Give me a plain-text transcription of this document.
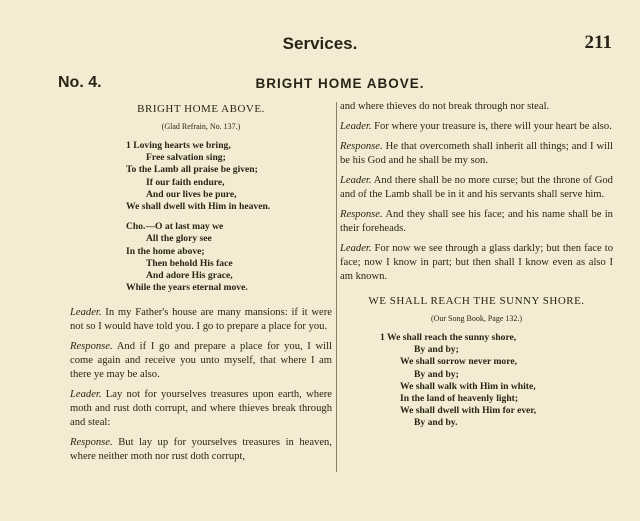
Services.	211
No. 4.	BRIGHT HOME ABOVE.
BRIGHT HOME ABOVE.
(Glad Refrain, No. 137.)
1 Loving hearts we bring,
Free salvation sing;
To the Lamb all praise be given;
If our faith endure,
And our lives be pure,
We shall dwell with Him in heaven.
Cho.—O at last may we
All the glory see
In the home above;
Then behold His face
And adore His grace,
While the years eternal move.

Leader. In my Father's house are many mansions: if it were not so I would have told you. I go to prepare a place for you.

Response. And if I go and prepare a place for you, I will come again and receive you unto myself, that where I am there ye may be also.

Leader. Lay not for yourselves treasures upon earth, where moth and rust doth corrupt, and where thieves break through and steal:

Response. But lay up for yourselves treasures in heaven, where neither moth nor rust doth corrupt,

and where thieves do not break through nor steal.

Leader. For where your treasure is, there will your heart be also.

Response. He that overcometh shall inherit all things; and I will be his God and he shall be my son.

Leader. And there shall be no more curse; but the throne of God and of the Lamb shall be in it and his servants shall serve him.

Response. And they shall see his face; and his name shall be in their foreheads.

Leader. For now we see through a glass darkly; but then face to face; now I know in part; but then shall I know even as also I am known.

WE SHALL REACH THE SUNNY SHORE.
(Our Song Book, Page 132.)
1 We shall reach the sunny shore,
By and by;
We shall sorrow never more,
By and by;
We shall walk with Him in white,
In the land of heavenly light;
We shall dwell with Him for ever,
By and by.
